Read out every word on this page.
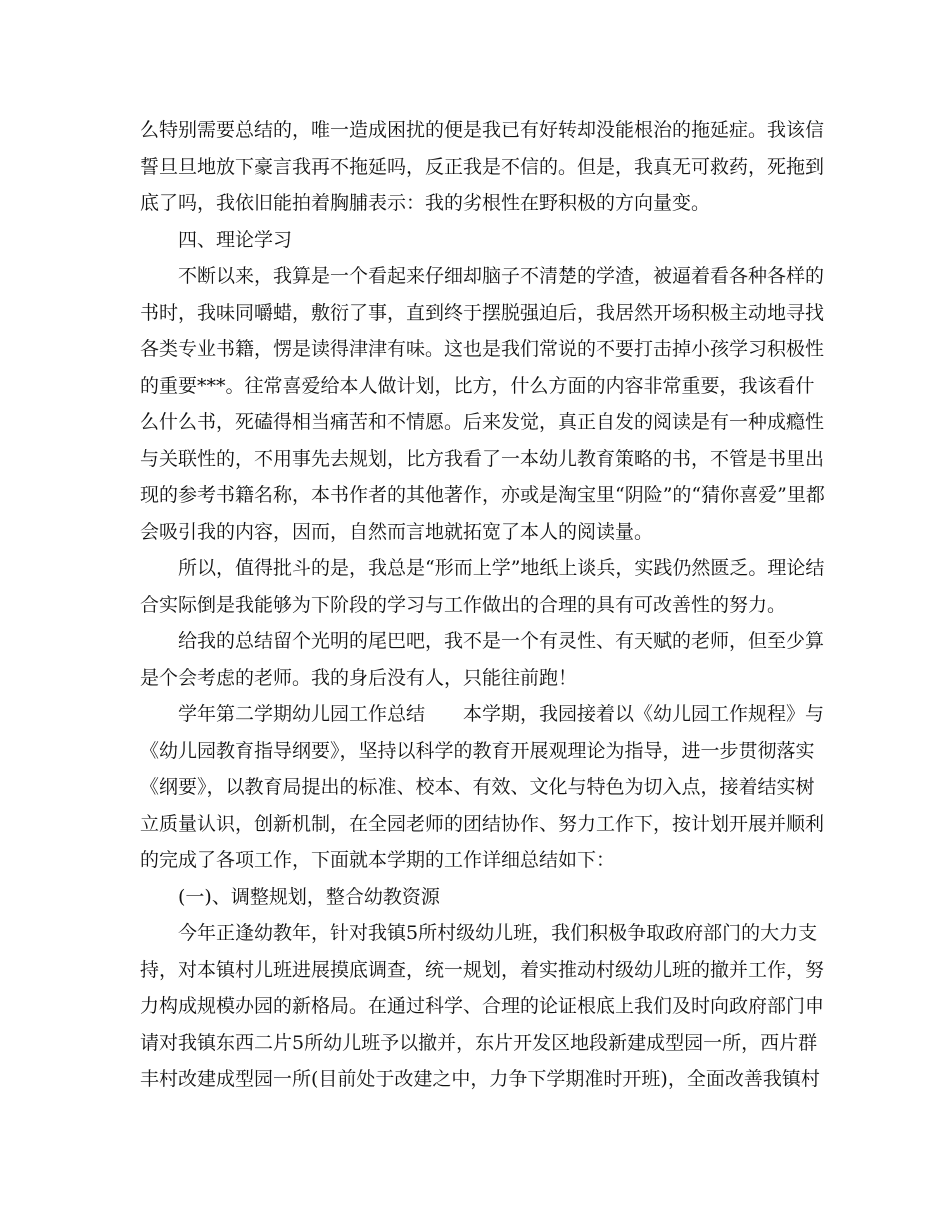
么特别需要总结的，唯一造成困扰的便是我已有好转却没能根治的拖延症。我该信
誓旦旦地放下豪言我再不拖延吗，反正我是不信的。但是，我真无可救药，死拖到
底了吗，我依旧能拍着胸脯表示：我的劣根性在野积极的方向量变。
四、理论学习
不断以来，我算是一个看起来仔细却脑子不清楚的学渣，被逼着看各种各样的
书时，我味同嚼蜡，敷衍了事，直到终于摆脱强迫后，我居然开场积极主动地寻找
各类专业书籍，愣是读得津津有味。这也是我们常说的不要打击掉小孩学习积极性
的重要***。往常喜爱给本人做计划，比方，什么方面的内容非常重要，我该看什
么什么书，死磕得相当痛苦和不情愿。后来发觉，真正自发的阅读是有一种成瘾性
与关联性的，不用事先去规划，比方我看了一本幼儿教育策略的书，不管是书里出
现的参考书籍名称，本书作者的其他著作，亦或是淘宝里“阴险”的“猜你喜爱”里都
会吸引我的内容，因而，自然而言地就拓宽了本人的阅读量。
所以，值得批斗的是，我总是“形而上学”地纸上谈兵，实践仍然匮乏。理论结
合实际倒是我能够为下阶段的学习与工作做出的合理的具有可改善性的努力。
给我的总结留个光明的尾巴吧，我不是一个有灵性、有天赋的老师，但至少算
是个会考虑的老师。我的身后没有人，只能往前跑！
学年第二学期幼儿园工作总结　　本学期，我园接着以《幼儿园工作规程》与
《幼儿园教育指导纲要》，坚持以科学的教育开展观理论为指导，进一步贯彻落实
《纲要》，以教育局提出的标准、校本、有效、文化与特色为切入点，接着结实树
立质量认识，创新机制，在全园老师的团结协作、努力工作下，按计划开展并顺利
的完成了各项工作，下面就本学期的工作详细总结如下：
(一)、调整规划，整合幼教资源
今年正逢幼教年，针对我镇5所村级幼儿班，我们积极争取政府部门的大力支
持，对本镇村儿班进展摸底调查，统一规划，着实推动村级幼儿班的撤并工作，努
力构成规模办园的新格局。在通过科学、合理的论证根底上我们及时向政府部门申
请对我镇东西二片5所幼儿班予以撤并，东片开发区地段新建成型园一所，西片群
丰村改建成型园一所(目前处于改建之中，力争下学期准时开班)，全面改善我镇村
